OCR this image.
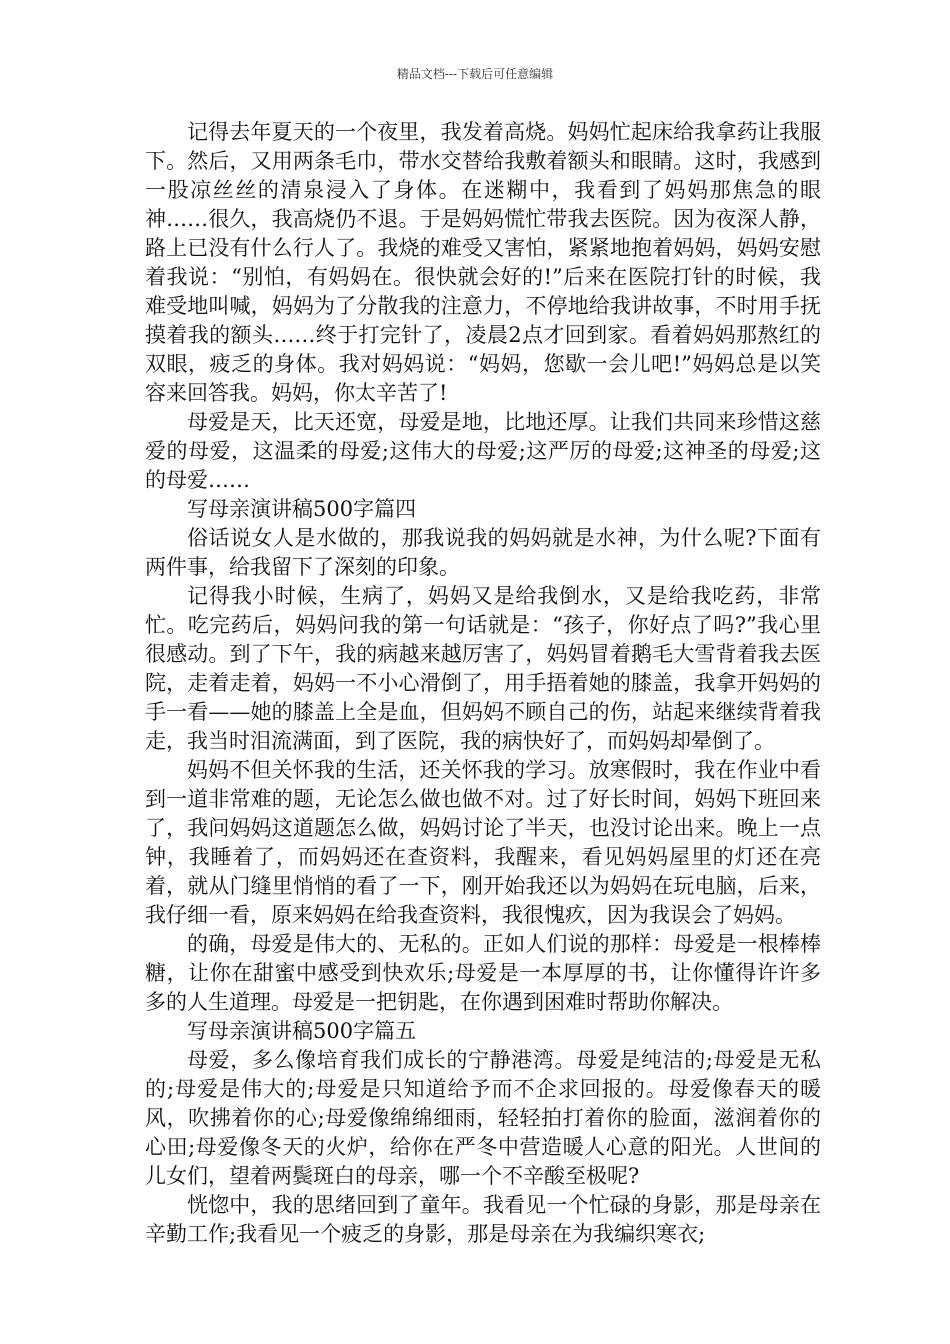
精品文档---下载后可任意编辑

记得去年夏天的一个夜里，我发着高烧。妈妈忙起床给我拿药让我服下。然后，又用两条毛巾，带水交替给我敷着额头和眼睛。这时，我感到一股凉丝丝的清泉浸入了身体。在迷糊中，我看到了妈妈那焦急的眼神……很久，我高烧仍不退。于是妈妈慌忙带我去医院。因为夜深人静，路上已没有什么行人了。我烧的难受又害怕，紧紧地抱着妈妈，妈妈安慰着我说：“别怕，有妈妈在。很快就会好的!”后来在医院打针的时候，我难受地叫喊，妈妈为了分散我的注意力，不停地给我讲故事，不时用手抚摸着我的额头……终于打完针了，凌晨2点才回到家。看着妈妈那熬红的双眼，疲乏的身体。我对妈妈说：“妈妈，您歇一会儿吧!”妈妈总是以笑容来回答我。妈妈，你太辛苦了!

母爱是天，比天还宽，母爱是地，比地还厚。让我们共同来珍惜这慈爱的母爱，这温柔的母爱;这伟大的母爱;这严厉的母爱;这神圣的母爱;这的母爱……

写母亲演讲稿500字篇四

俗话说女人是水做的，那我说我的妈妈就是水神，为什么呢?下面有两件事，给我留下了深刻的印象。

记得我小时候，生病了，妈妈又是给我倒水，又是给我吃药，非常忙。吃完药后，妈妈问我的第一句话就是：“孩子，你好点了吗?”我心里很感动。到了下午，我的病越来越厉害了，妈妈冒着鹅毛大雪背着我去医院，走着走着，妈妈一不小心滑倒了，用手捂着她的膝盖，我拿开妈妈的手一看——她的膝盖上全是血，但妈妈不顾自己的伤，站起来继续背着我走，我当时泪流满面，到了医院，我的病快好了，而妈妈却晕倒了。

妈妈不但关怀我的生活，还关怀我的学习。放寒假时，我在作业中看到一道非常难的题，无论怎么做也做不对。过了好长时间，妈妈下班回来了，我问妈妈这道题怎么做，妈妈讨论了半天，也没讨论出来。晚上一点钟，我睡着了，而妈妈还在查资料，我醒来，看见妈妈屋里的灯还在亮着，就从门缝里悄悄的看了一下，刚开始我还以为妈妈在玩电脑，后来，我仔细一看，原来妈妈在给我查资料，我很愧疚，因为我误会了妈妈。

的确，母爱是伟大的、无私的。正如人们说的那样：母爱是一根棒棒糖，让你在甜蜜中感受到快欢乐;母爱是一本厚厚的书，让你懂得许许多多的人生道理。母爱是一把钥匙，在你遇到困难时帮助你解决。

写母亲演讲稿500字篇五

母爱，多么像培育我们成长的宁静港湾。母爱是纯洁的;母爱是无私的;母爱是伟大的;母爱是只知道给予而不企求回报的。母爱像春天的暖风，吹拂着你的心;母爱像绵绵细雨，轻轻拍打着你的脸面，滋润着你的心田;母爱像冬天的火炉，给你在严冬中营造暖人心意的阳光。人世间的儿女们，望着两鬓斑白的母亲，哪一个不辛酸至极呢?

恍惚中，我的思绪回到了童年。我看见一个忙碌的身影，那是母亲在辛勤工作;我看见一个疲乏的身影，那是母亲在为我编织寒衣;
